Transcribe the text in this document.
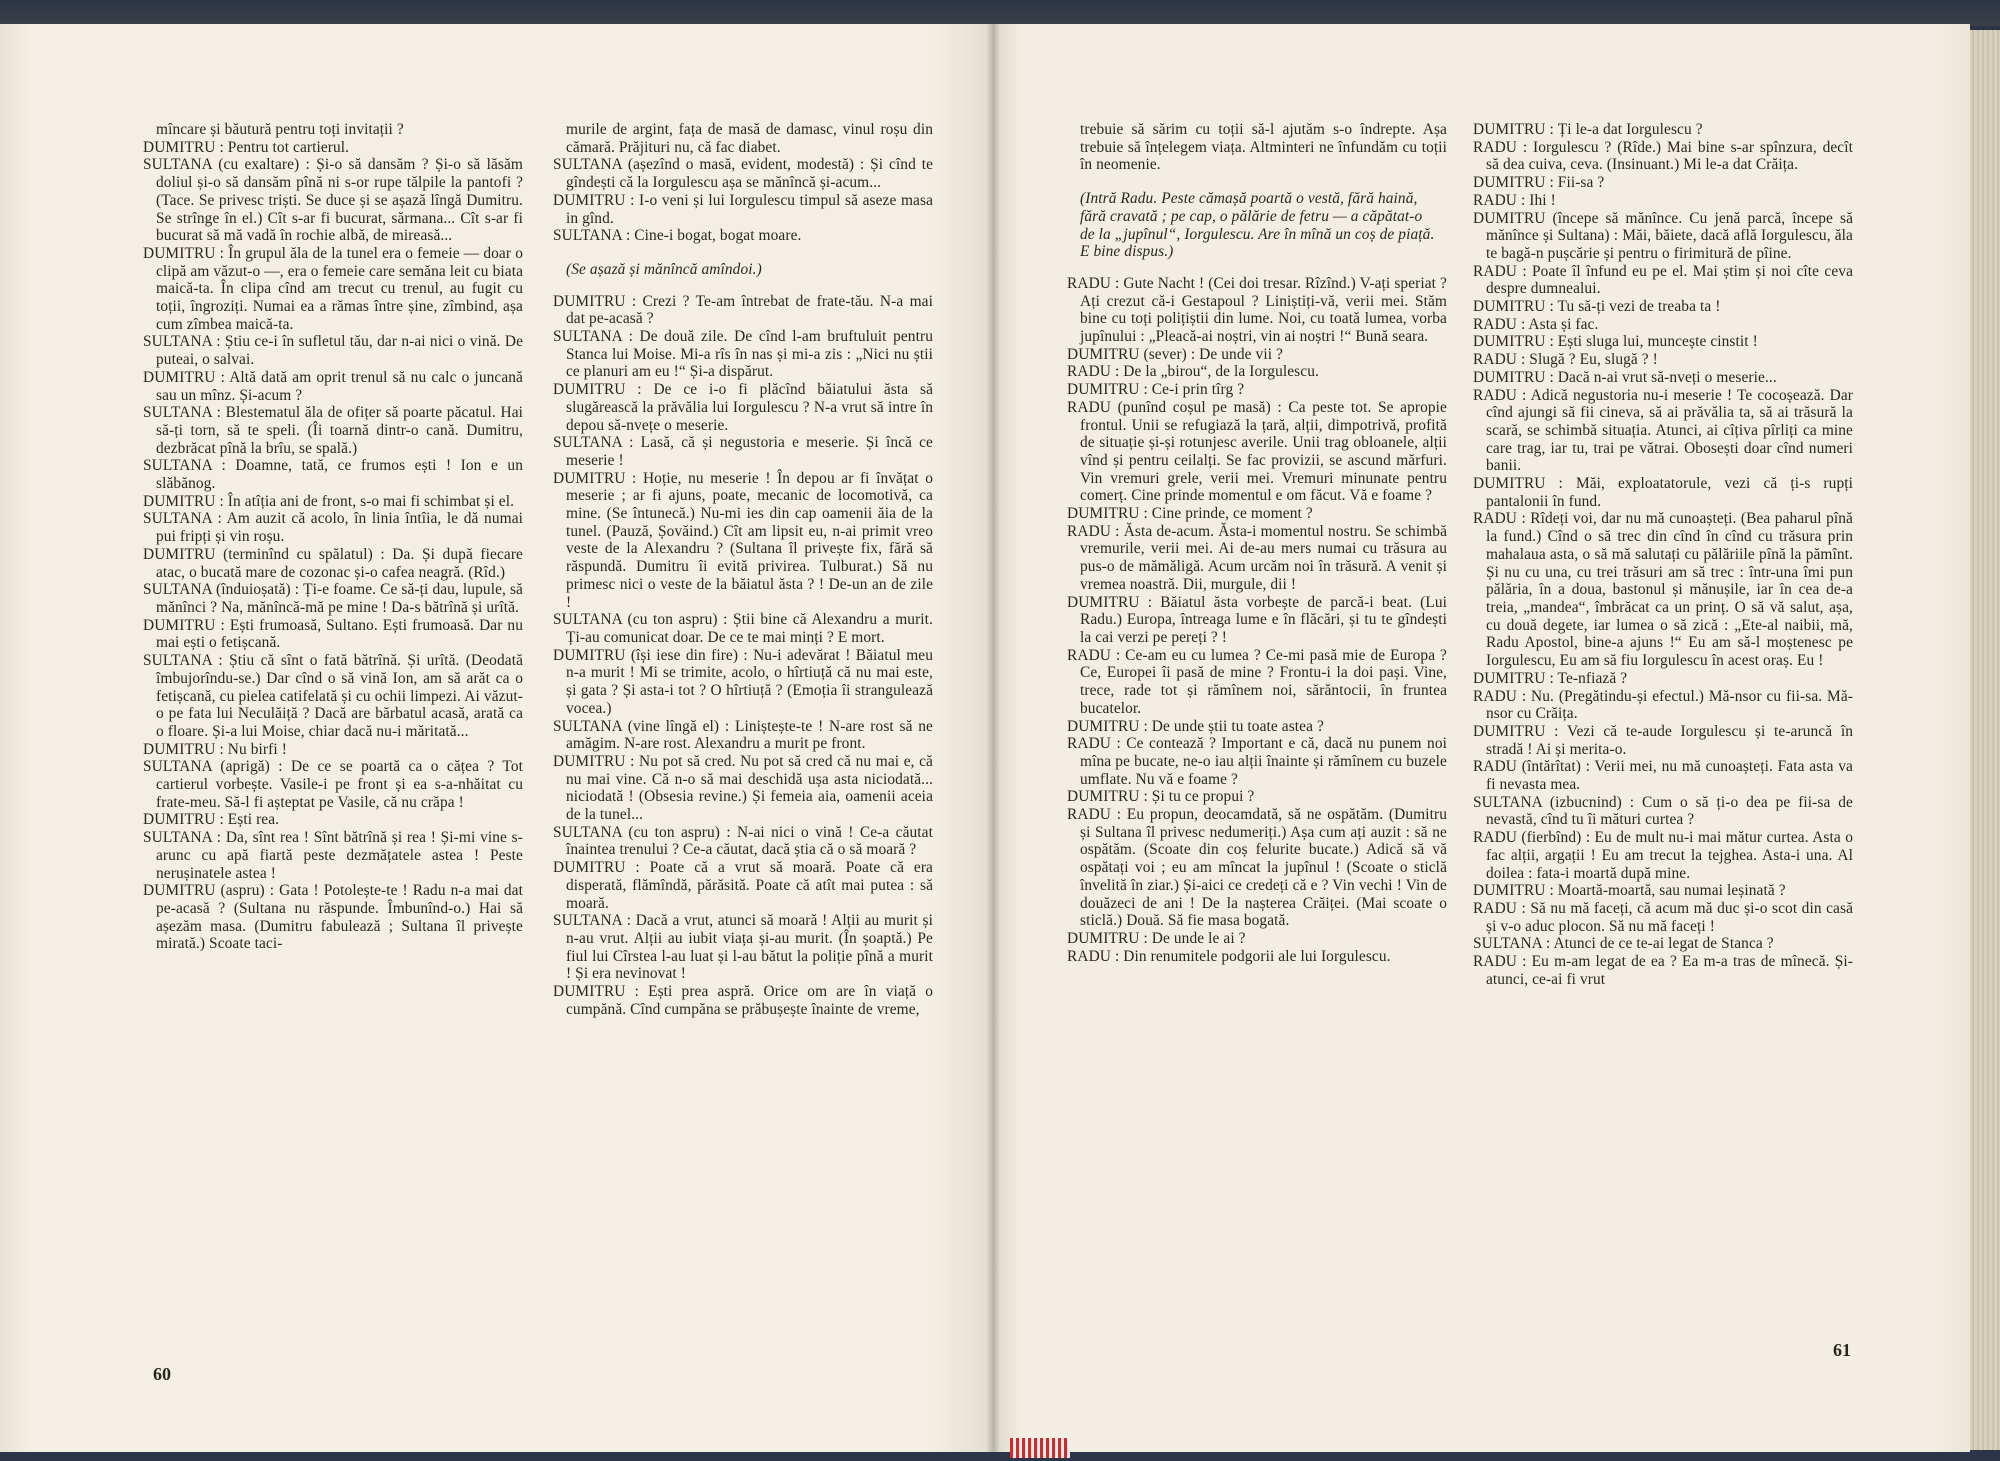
mîncare și băutură pentru toți invitații ?

DUMITRU : Pentru tot cartierul.

SULTANA (cu exaltare) : Și-o să dansăm ? Și-o să lăsăm doliul și-o să dansăm pînă ni s-or rupe tălpile la pantofi ? (Tace. Se privesc triști. Se duce și se așază lîngă Dumitru. Se strînge în el.) Cît s-ar fi bucurat, sărmana... Cît s-ar fi bucurat să mă vadă în rochie albă, de mireasă...

DUMITRU : În grupul ăla de la tunel era o femeie — doar o clipă am văzut-o —, era o femeie care semăna leit cu biata maică-ta. În clipa cînd am trecut cu trenul, au fugit cu toții, îngroziți. Numai ea a rămas între șine, zîmbind, așa cum zîmbea maică-ta.

SULTANA : Știu ce-i în sufletul tău, dar n-ai nici o vină. De puteai, o salvai.

DUMITRU : Altă dată am oprit trenul să nu calc o juncană sau un mînz. Și-acum ?

SULTANA : Blestematul ăla de ofițer să poarte păcatul. Hai să-ți torn, să te speli. (Îi toarnă dintr-o cană. Dumitru, dezbrăcat pînă la brîu, se spală.)

SULTANA : Doamne, tată, ce frumos ești ! Ion e un slăbănog.

DUMITRU : În atîția ani de front, s-o mai fi schimbat și el.

SULTANA : Am auzit că acolo, în linia întîia, le dă numai pui fripți și vin roșu.

DUMITRU (terminînd cu spălatul) : Da. Și după fiecare atac, o bucată mare de cozonac și-o cafea neagră. (Rîd.)

SULTANA (înduioșată) : Ți-e foame. Ce să-ți dau, lupule, să mănînci ? Na, mănîncă-mă pe mine ! Da-s bătrînă și urîtă.

DUMITRU : Ești frumoasă, Sultano. Ești frumoasă. Dar nu mai ești o fetișcană.

SULTANA : Știu că sînt o fată bătrînă. Și urîtă. (Deodată îmbujorîndu-se.) Dar cînd o să vină Ion, am să arăt ca o fetișcană, cu pielea catifelată și cu ochii limpezi. Ai văzut-o pe fata lui Neculăiță ? Dacă are bărbatul acasă, arată ca o floare. Și-a lui Moise, chiar dacă nu-i măritată...

DUMITRU : Nu birfi !

SULTANA (aprigă) : De ce se poartă ca o cățea ? Tot cartierul vorbește. Vasile-i pe front și ea s-a-nhăitat cu frate-meu. Să-l fi așteptat pe Vasile, că nu crăpa !

DUMITRU : Ești rea.

SULTANA : Da, sînt rea ! Sînt bătrînă și rea ! Și-mi vine s-arunc cu apă fiartă peste dezmățatele astea ! Peste nerușinatele astea !

DUMITRU (aspru) : Gata ! Potolește-te ! Radu n-a mai dat pe-acasă ? (Sultana nu răspunde. Îmbunînd-o.) Hai să așezăm masa. (Dumitru fabulează ; Sultana îl privește mirată.) Scoate taci-

murile de argint, fața de masă de damasc, vinul roșu din cămară. Prăjituri nu, că fac diabet.

SULTANA (așezînd o masă, evident, modestă) : Și cînd te gîndești că la Iorgulescu așa se mănîncă și-acum...

DUMITRU : I-o veni și lui Iorgulescu timpul să aseze masa in gînd.

SULTANA : Cine-i bogat, bogat moare.

(Se așază și mănîncă amîndoi.)

DUMITRU : Crezi ? Te-am întrebat de frate-tău. N-a mai dat pe-acasă ?

SULTANA : De două zile. De cînd l-am bruftuluit pentru Stanca lui Moise. Mi-a rîs în nas și mi-a zis : „Nici nu știi ce planuri am eu !“ Și-a dispărut.

DUMITRU : De ce i-o fi plăcînd băiatului ăsta să slugărească la prăvălia lui Iorgulescu ? N-a vrut să intre în depou să-nvețe o meserie.

SULTANA : Lasă, că și negustoria e meserie. Și încă ce meserie !

DUMITRU : Hoție, nu meserie ! În depou ar fi învățat o meserie ; ar fi ajuns, poate, mecanic de locomotivă, ca mine. (Se întunecă.) Nu-mi ies din cap oamenii ăia de la tunel. (Pauză, Șovăind.) Cît am lipsit eu, n-ai primit vreo veste de la Alexandru ? (Sultana îl privește fix, fără să răspundă. Dumitru îi evită privirea. Tulburat.) Să nu primesc nici o veste de la băiatul ăsta ? ! De-un an de zile !

SULTANA (cu ton aspru) : Știi bine că Alexandru a murit. Ți-au comunicat doar. De ce te mai minți ? E mort.

DUMITRU (își iese din fire) : Nu-i adevărat ! Băiatul meu n-a murit ! Mi se trimite, acolo, o hîrtiuță că nu mai este, și gata ? Și asta-i tot ? O hîrtiuță ? (Emoția îi strangulează vocea.)

SULTANA (vine lîngă el) : Liniștește-te ! N-are rost să ne amăgim. N-are rost. Alexandru a murit pe front.

DUMITRU : Nu pot să cred. Nu pot să cred că nu mai e, că nu mai vine. Că n-o să mai deschidă ușa asta niciodată... niciodată ! (Obsesia revine.) Și femeia aia, oamenii aceia de la tunel...

SULTANA (cu ton aspru) : N-ai nici o vină ! Ce-a căutat înaintea trenului ? Ce-a căutat, dacă știa că o să moară ?

DUMITRU : Poate că a vrut să moară. Poate că era disperată, flămîndă, părăsită. Poate că atît mai putea : să moară.

SULTANA : Dacă a vrut, atunci să moară ! Alții au murit și n-au vrut. Alții au iubit viața și-au murit. (În șoaptă.) Pe fiul lui Cîrstea l-au luat și l-au bătut la poliție pînă a murit ! Și era nevinovat !

DUMITRU : Ești prea aspră. Orice om are în viață o cumpănă. Cînd cumpăna se prăbușește înainte de vreme,

60

trebuie să sărim cu toții să-l ajutăm s-o îndrepte. Așa trebuie să înțelegem viața. Altminteri ne înfundăm cu toții în neomenie.

(Intră Radu. Peste cămașă poartă o vestă, fără haină, fără cravată ; pe cap, o pălărie de fetru — a căpătat-o de la „jupînul“, Iorgulescu. Are în mînă un coș de piață. E bine dispus.)

RADU : Gute Nacht ! (Cei doi tresar. Rîzînd.) V-ați speriat ? Ați crezut că-i Gestapoul ? Liniștiți-vă, verii mei. Stăm bine cu toți polițiștii din lume. Noi, cu toată lumea, vorba jupînului : „Pleacă-ai noștri, vin ai noștri !“ Bună seara.

DUMITRU (sever) : De unde vii ?

RADU : De la „birou“, de la Iorgulescu.

DUMITRU : Ce-i prin tîrg ?

RADU (punînd coșul pe masă) : Ca peste tot. Se apropie frontul. Unii se refugiază la țară, alții, dimpotrivă, profită de situație și-și rotunjesc averile. Unii trag obloanele, alții vînd și pentru ceilalți. Se fac provizii, se ascund mărfuri. Vin vremuri grele, verii mei. Vremuri minunate pentru comerț. Cine prinde momentul e om făcut. Vă e foame ?

DUMITRU : Cine prinde, ce moment ?

RADU : Ăsta de-acum. Ăsta-i momentul nostru. Se schimbă vremurile, verii mei. Ai de-au mers numai cu trăsura au pus-o de mămăligă. Acum urcăm noi în trăsură. A venit și vremea noastră. Dii, murgule, dii !

DUMITRU : Băiatul ăsta vorbește de parcă-i beat. (Lui Radu.) Europa, întreaga lume e în flăcări, și tu te gîndești la cai verzi pe pereți ? !

RADU : Ce-am eu cu lumea ? Ce-mi pasă mie de Europa ? Ce, Europei îi pasă de mine ? Frontu-i la doi pași. Vine, trece, rade tot și rămînem noi, sărăntocii, în fruntea bucatelor.

DUMITRU : De unde știi tu toate astea ?

RADU : Ce contează ? Important e că, dacă nu punem noi mîna pe bucate, ne-o iau alții înainte și rămînem cu buzele umflate. Nu vă e foame ?

DUMITRU : Și tu ce propui ?

RADU : Eu propun, deocamdată, să ne ospătăm. (Dumitru și Sultana îl privesc nedumeriți.) Așa cum ați auzit : să ne ospătăm. (Scoate din coș felurite bucate.) Adică să vă ospătați voi ; eu am mîncat la jupînul ! (Scoate o sticlă învelită în ziar.) Și-aici ce credeți că e ? Vin vechi ! Vin de douăzeci de ani ! De la nașterea Crăiței. (Mai scoate o sticlă.) Două. Să fie masa bogată.

DUMITRU : De unde le ai ?

RADU : Din renumitele podgorii ale lui Iorgulescu.

DUMITRU : Ți le-a dat Iorgulescu ?

RADU : Iorgulescu ? (Rîde.) Mai bine s-ar spînzura, decît să dea cuiva, ceva. (Insinuant.) Mi le-a dat Crăița.

DUMITRU : Fii-sa ?

RADU : Ihi !

DUMITRU (începe să mănînce. Cu jenă parcă, începe să mănînce și Sultana) : Măi, băiete, dacă află Iorgulescu, ăla te bagă-n pușcărie și pentru o firimitură de pîine.

RADU : Poate îl înfund eu pe el. Mai știm și noi cîte ceva despre dumnealui.

DUMITRU : Tu să-ți vezi de treaba ta !

RADU : Asta și fac.

DUMITRU : Ești sluga lui, muncește cinstit !

RADU : Slugă ? Eu, slugă ? !

DUMITRU : Dacă n-ai vrut să-nveți o meserie...

RADU : Adică negustoria nu-i meserie ! Te cocoșează. Dar cînd ajungi să fii cineva, să ai prăvălia ta, să ai trăsură la scară, se schimbă situația. Atunci, ai cîțiva pîrliți ca mine care trag, iar tu, trai pe vătrai. Obosești doar cînd numeri banii.

DUMITRU : Măi, exploatatorule, vezi că ți-s rupți pantalonii în fund.

RADU : Rîdeți voi, dar nu mă cunoașteți. (Bea paharul pînă la fund.) Cînd o să trec din cînd în cînd cu trăsura prin mahalaua asta, o să mă salutați cu pălăriile pînă la pămînt. Și nu cu una, cu trei trăsuri am să trec : într-una îmi pun pălăria, în a doua, bastonul și mănușile, iar în cea de-a treia, „mandea“, îmbrăcat ca un prinț. O să vă salut, așa, cu două degete, iar lumea o să zică : „Ete-al naibii, mă, Radu Apostol, bine-a ajuns !“ Eu am să-l moștenesc pe Iorgulescu, Eu am să fiu Iorgulescu în acest oraș. Eu !

DUMITRU : Te-nfiază ?

RADU : Nu. (Pregătindu-și efectul.) Mă-nsor cu fii-sa. Mă-nsor cu Crăița.

DUMITRU : Vezi că te-aude Iorgulescu și te-aruncă în stradă ! Ai și merita-o.

RADU (întărîtat) : Verii mei, nu mă cunoașteți. Fata asta va fi nevasta mea.

SULTANA (izbucnind) : Cum o să ți-o dea pe fii-sa de nevastă, cînd tu îi mături curtea ?

RADU (fierbînd) : Eu de mult nu-i mai mătur curtea. Asta o fac alții, argații ! Eu am trecut la tejghea. Asta-i una. Al doilea : fata-i moartă după mine.

DUMITRU : Moartă-moartă, sau numai leșinată ?

RADU : Să nu mă faceți, că acum mă duc și-o scot din casă și v-o aduc plocon. Să nu mă faceți !

SULTANA : Atunci de ce te-ai legat de Stanca ?

RADU : Eu m-am legat de ea ? Ea m-a tras de mînecă. Și-atunci, ce-ai fi vrut

61
